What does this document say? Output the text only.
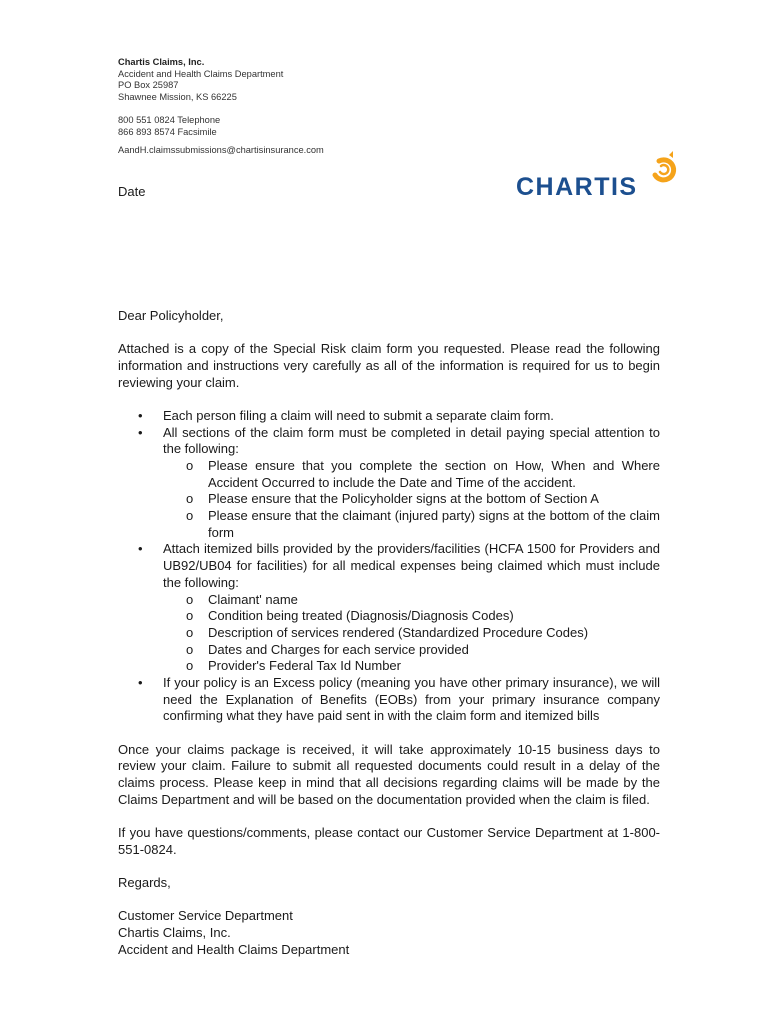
Chartis Claims, Inc.
Accident and Health Claims Department
PO Box 25987
Shawnee Mission, KS 66225
800 551 0824 Telephone
866 893 8574 Facsimile
AandH.claimssubmissions@chartisinsurance.com
Date	CHARTIS

Dear Policyholder,

Attached is a copy of the Special Risk claim form you requested. Please read the following information and instructions very carefully as all of the information is required for us to begin reviewing your claim.

• Each person filing a claim will need to submit a separate claim form.
• All sections of the claim form must be completed in detail paying special attention to the following:
o Please ensure that you complete the section on How, When and Where Accident Occurred to include the Date and Time of the accident.
o Please ensure that the Policyholder signs at the bottom of Section A
o Please ensure that the claimant (injured party) signs at the bottom of the claim form
• Attach itemized bills provided by the providers/facilities (HCFA 1500 for Providers and UB92/UB04 for facilities) for all medical expenses being claimed which must include the following:
o Claimant' name
o Condition being treated (Diagnosis/Diagnosis Codes)
o Description of services rendered (Standardized Procedure Codes)
o Dates and Charges for each service provided
o Provider's Federal Tax Id Number
• If your policy is an Excess policy (meaning you have other primary insurance), we will need the Explanation of Benefits (EOBs) from your primary insurance company confirming what they have paid sent in with the claim form and itemized bills

Once your claims package is received, it will take approximately 10-15 business days to review your claim. Failure to submit all requested documents could result in a delay of the claims process. Please keep in mind that all decisions regarding claims will be made by the Claims Department and will be based on the documentation provided when the claim is filed.

If you have questions/comments, please contact our Customer Service Department at 1-800-551-0824.

Regards,

Customer Service Department

Chartis Claims, Inc.

Accident and Health Claims Department
